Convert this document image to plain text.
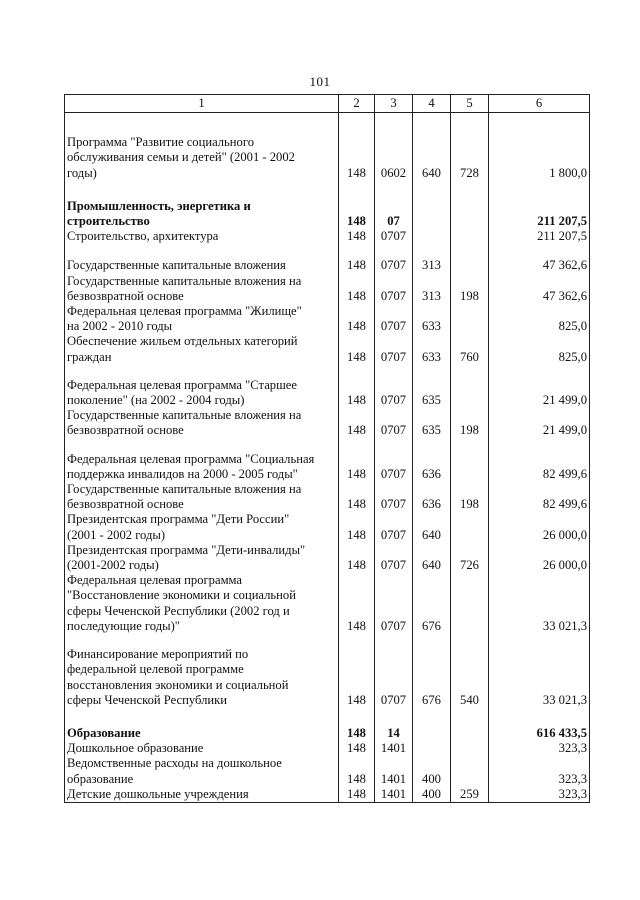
101
1	2	3	4	5	6

Программа "Развитие социального
обслуживания семьи и детей" (2001 - 2002
годы)	148	0602	640	728	1 800,0

Промышленность, энергетика и
строительство	148	07			211 207,5

Строительство, архитектура	148	0707			211 207,5

Государственные капитальные вложения	148	0707	313		47 362,6

Государственные капитальные вложения на
безвозвратной основе	148	0707	313	198	47 362,6

Федеральная целевая программа "Жилище"
на 2002 - 2010 годы	148	0707	633		825,0

Обеспечение жильем отдельных категорий
граждан	148	0707	633	760	825,0

Федеральная целевая программа "Старшее
поколение" (на 2002 - 2004 годы)	148	0707	635		21 499,0

Государственные капитальные вложения на
безвозвратной основе	148	0707	635	198	21 499,0

Федеральная целевая программа "Социальная
поддержка инвалидов на 2000 - 2005 годы"	148	0707	636		82 499,6

Государственные капитальные вложения на
безвозвратной основе	148	0707	636	198	82 499,6

Президентская программа "Дети России"
(2001 - 2002 годы)	148	0707	640		26 000,0

Президентская программа "Дети-инвалиды"
(2001-2002 годы)	148	0707	640	726	26 000,0

Федеральная целевая программа
"Восстановление экономики и социальной
сферы Чеченской Республики (2002 год и
последующие годы)"	148	0707	676		33 021,3

Финансирование мероприятий по
федеральной целевой программе
восстановления экономики и социальной
сферы Чеченской Республики	148	0707	676	540	33 021,3

Образование	148	14			616 433,5

Дошкольное образование	148	1401			323,3

Ведомственные расходы на дошкольное
образование	148	1401	400		323,3

Детские дошкольные учреждения	148	1401	400	259	323,3
